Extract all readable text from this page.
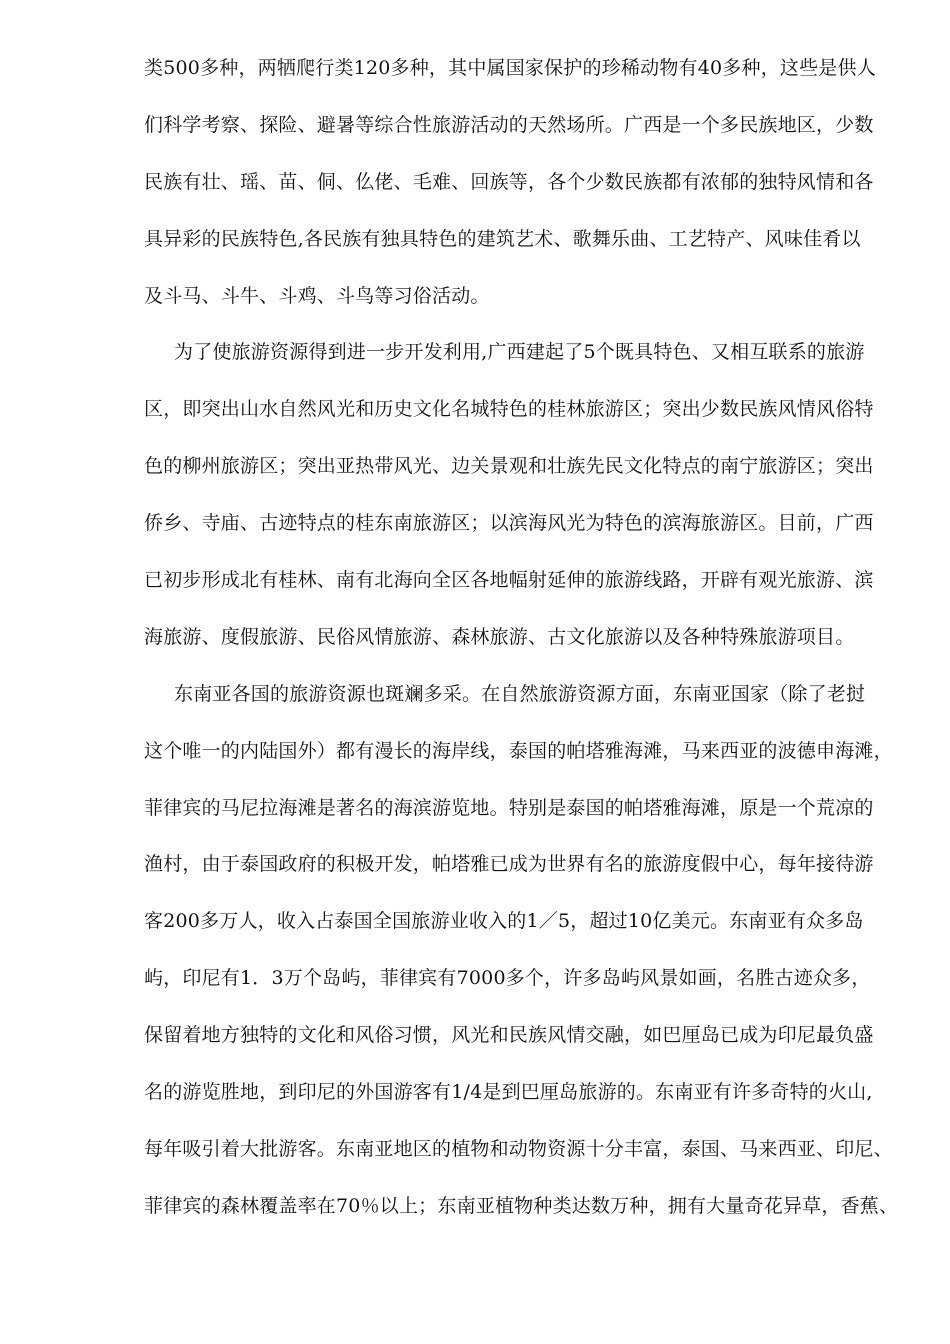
类500多种，两牺爬行类120多种，其中属国家保护的珍稀动物有40多种，这些是供人
们科学考察、探险、避暑等综合性旅游活动的天然场所。广西是一个多民族地区，少数
民族有壮、瑶、苗、侗、仫佬、毛难、回族等，各个少数民族都有浓郁的独特风情和各
具异彩的民族特色,各民族有独具特色的建筑艺术、歌舞乐曲、工艺特产、风味佳肴以
及斗马、斗牛、斗鸡、斗鸟等习俗活动。
为了使旅游资源得到进一步开发利用,广西建起了5个既具特色、又相互联系的旅游
区，即突出山水自然风光和历史文化名城特色的桂林旅游区；突出少数民族风情风俗特
色的柳州旅游区；突出亚热带风光、边关景观和壮族先民文化特点的南宁旅游区；突出
侨乡、寺庙、古迹特点的桂东南旅游区；以滨海风光为特色的滨海旅游区。目前，广西
已初步形成北有桂林、南有北海向全区各地幅射延伸的旅游线路，开辟有观光旅游、滨
海旅游、度假旅游、民俗风情旅游、森林旅游、古文化旅游以及各种特殊旅游项目。
东南亚各国的旅游资源也斑斓多采。在自然旅游资源方面，东南亚国家（除了老挝
这个唯一的内陆国外）都有漫长的海岸线，泰国的帕塔雅海滩，马来西亚的波德申海滩，
菲律宾的马尼拉海滩是著名的海滨游览地。特别是泰国的帕塔雅海滩，原是一个荒凉的
渔村，由于泰国政府的积极开发，帕塔雅已成为世界有名的旅游度假中心，每年接待游
客200多万人，收入占泰国全国旅游业收入的1／5，超过10亿美元。东南亚有众多岛
屿，印尼有1．3万个岛屿，菲律宾有7000多个，许多岛屿风景如画，名胜古迹众多，
保留着地方独特的文化和风俗习惯，风光和民族风情交融，如巴厘岛已成为印尼最负盛
名的游览胜地，到印尼的外国游客有1/4是到巴厘岛旅游的。东南亚有许多奇特的火山,
每年吸引着大批游客。东南亚地区的植物和动物资源十分丰富，泰国、马来西亚、印尼、
菲律宾的森林覆盖率在70％以上；东南亚植物种类达数万种，拥有大量奇花异草，香蕉、
